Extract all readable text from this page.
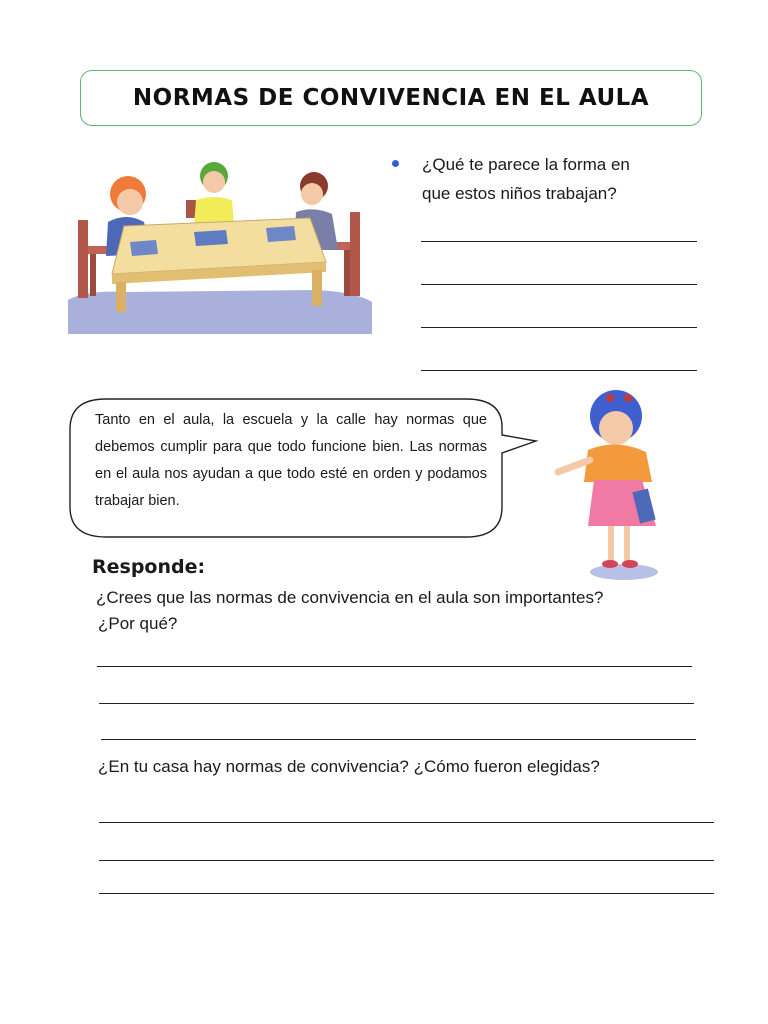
NORMAS DE CONVIVENCIA EN EL AULA
¿Qué te parece la forma en
que estos niños trabajan?
Tanto en el aula, la escuela y la calle hay normas que debemos cumplir para que todo funcione bien. Las normas en el aula nos ayudan a que todo esté en orden y podamos trabajar bien.
Responde:
¿Crees que las normas de convivencia en el aula son importantes?
¿Por qué?
¿En tu casa hay normas de convivencia? ¿Cómo fueron elegidas?
